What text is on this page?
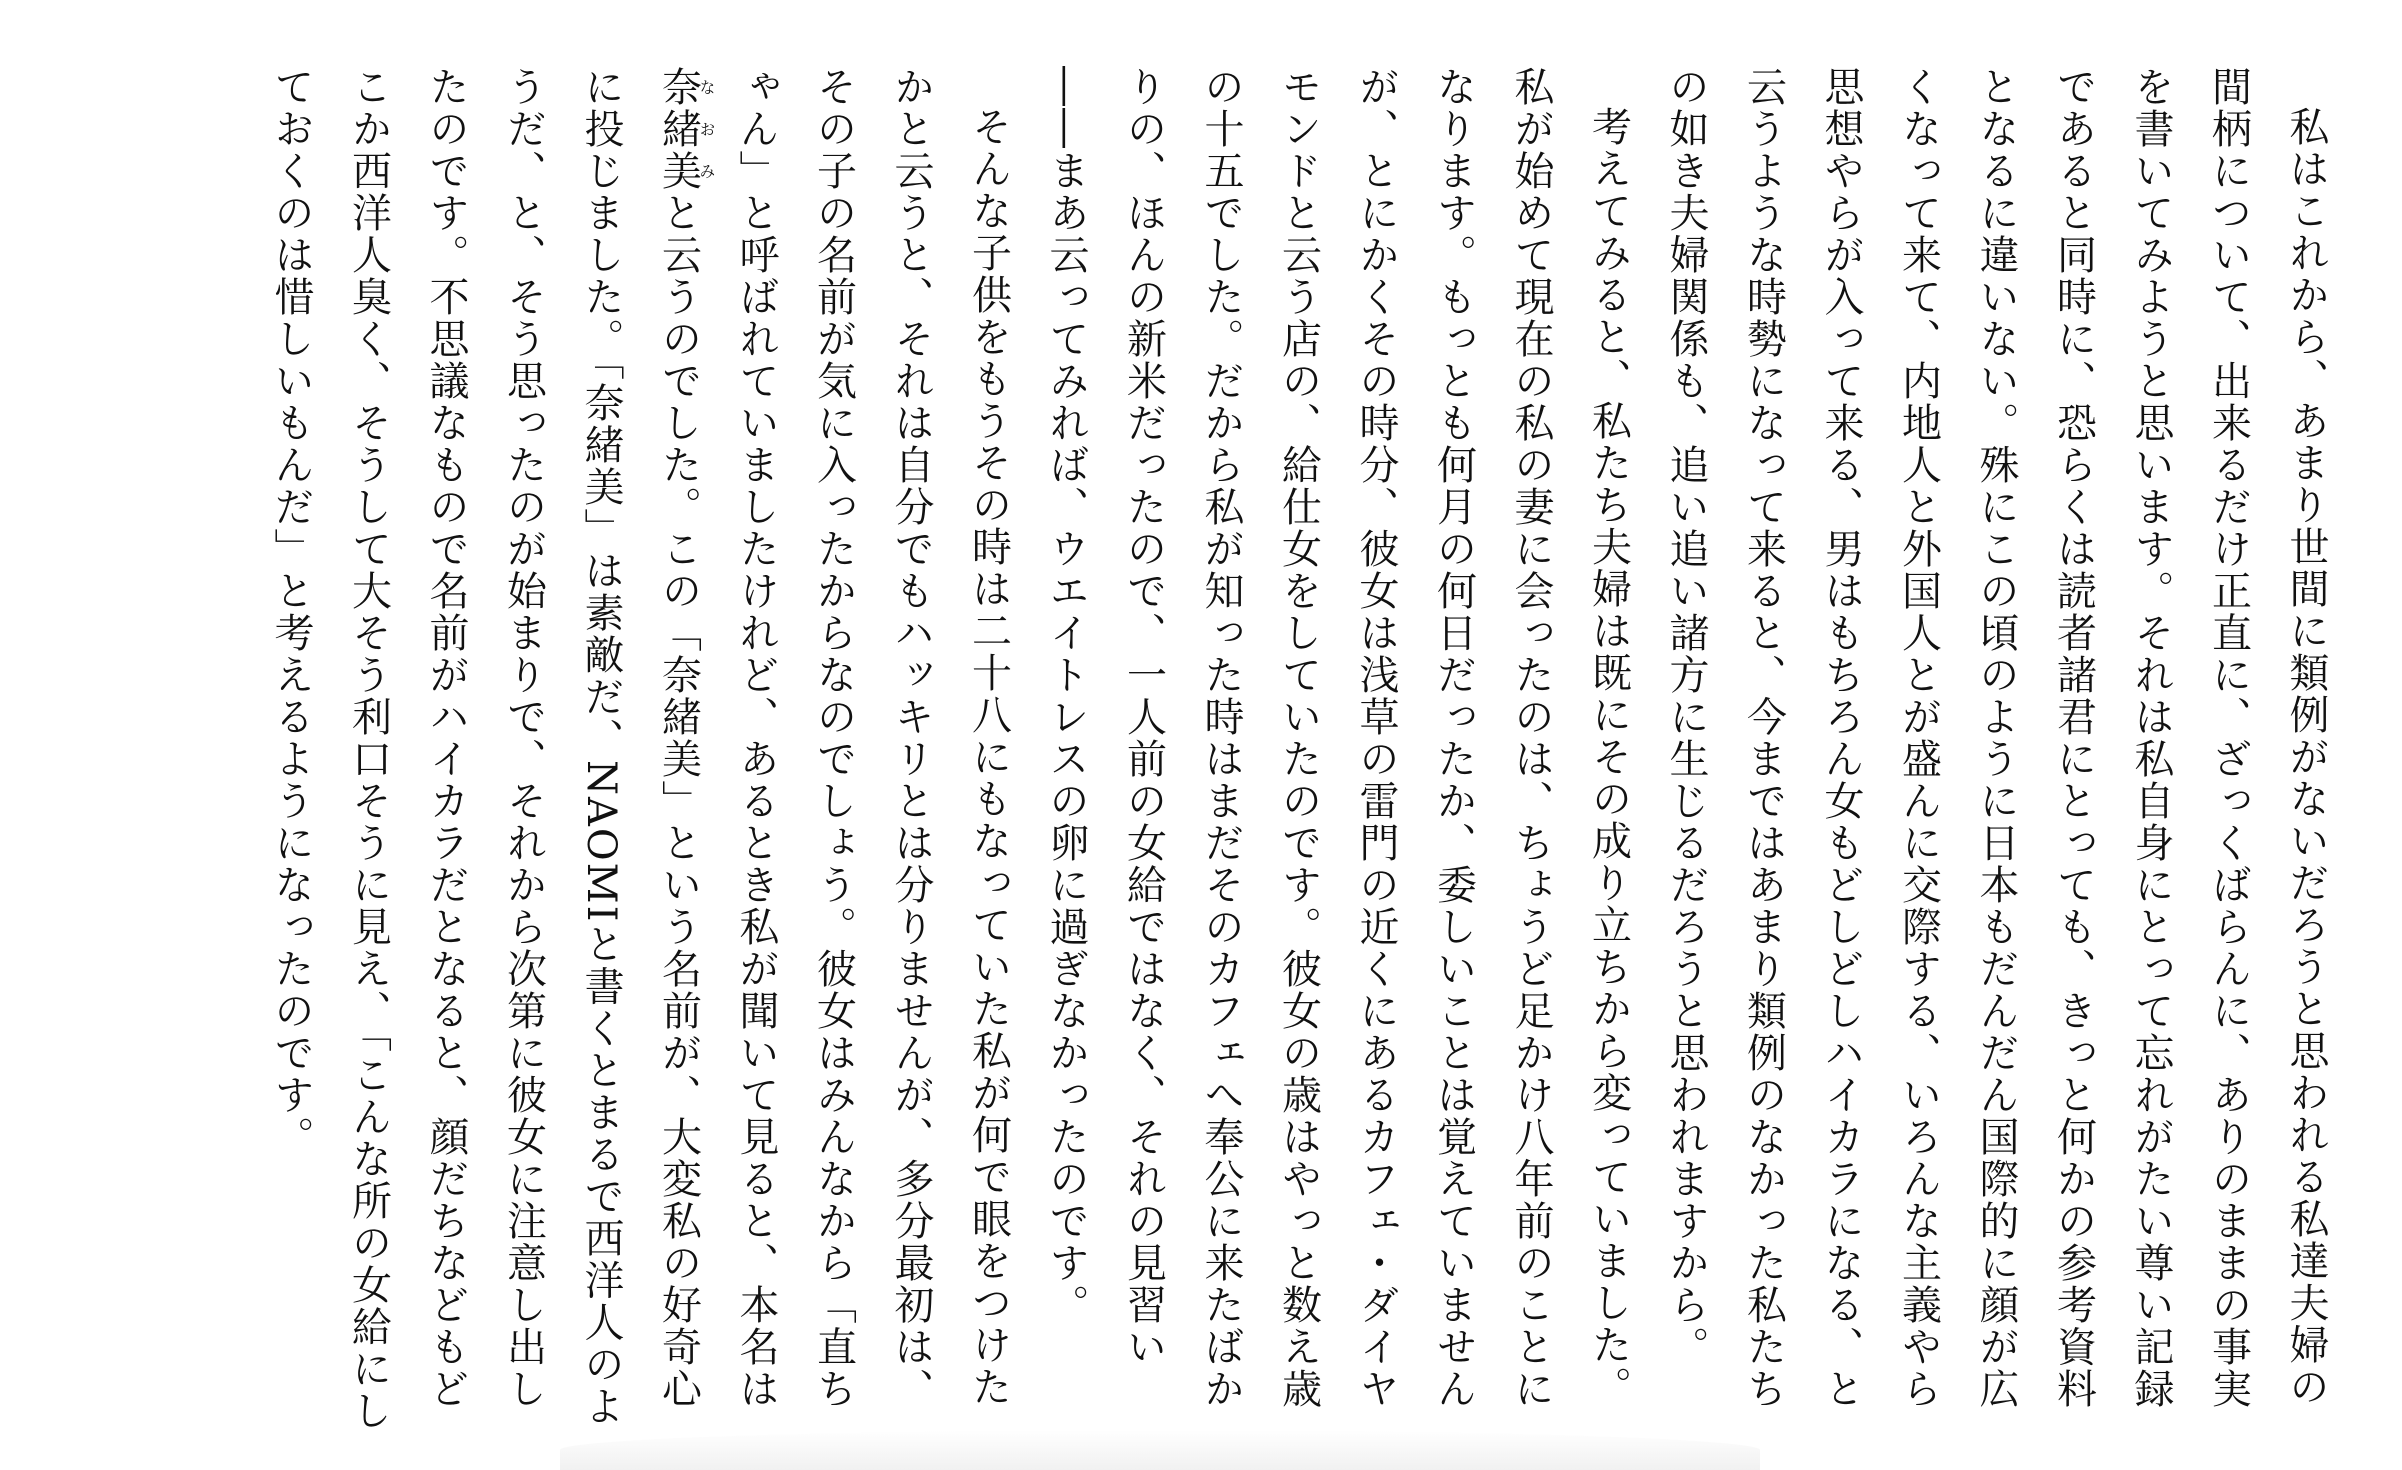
私はこれから、あまり世間に類例がないだろうと思われる私達夫婦の間柄について、出来るだけ正直に、ざっくばらんに、ありのままの事実を書いてみようと思います。それは私自身にとって忘れがたい尊い記録であると同時に、恐らくは読者諸君にとっても、きっと何かの参考資料となるに違いない。殊にこの頃のように日本もだんだん国際的に顔が広くなって来て、内地人と外国人とが盛んに交際する、いろんな主義やら思想やらが入って来る、男はもちろん女もどしどしハイカラになる、と云うような時勢になって来ると、今まではあまり類例のなかった私たちの如き夫婦関係も、追い追い諸方に生じるだろうと思われますから。

考えてみると、私たち夫婦は既にその成り立ちから変っていました。私が始めて現在の私の妻に会ったのは、ちょうど足かけ八年前のことになります。もっとも何月の何日だったか、委しいことは覚えていませんが、とにかくその時分、彼女は浅草の雷門の近くにあるカフェ・ダイヤモンドと云う店の、給仕女をしていたのです。彼女の歳はやっと数え歳の十五でした。だから私が知った時はまだそのカフェへ奉公に来たばかりの、ほんの新米だったので、一人前の女給ではなく、それの見習い――まあ云ってみれば、ウエイトレスの卵に過ぎなかったのです。

そんな子供をもうその時は二十八にもなっていた私が何で眼をつけたかと云うと、それは自分でもハッキリとは分りませんが、多分最初は、その子の名前が気に入ったからなのでしょう。彼女はみんなから「直ちゃん」と呼ばれていましたけれど、あるとき私が聞いて見ると、本名は奈緒美なおみと云うのでした。この「奈緒美」という名前が、大変私の好奇心に投じました。「奈緒美」は素敵だ、NAOMIと書くとまるで西洋人のようだ、と、そう思ったのが始まりで、それから次第に彼女に注意し出したのです。不思議なもので名前がハイカラだとなると、顔だちなどもどこか西洋人臭く、そうして大そう利口そうに見え、「こんな所の女給にしておくのは惜しいもんだ」と考えるようになったのです。
